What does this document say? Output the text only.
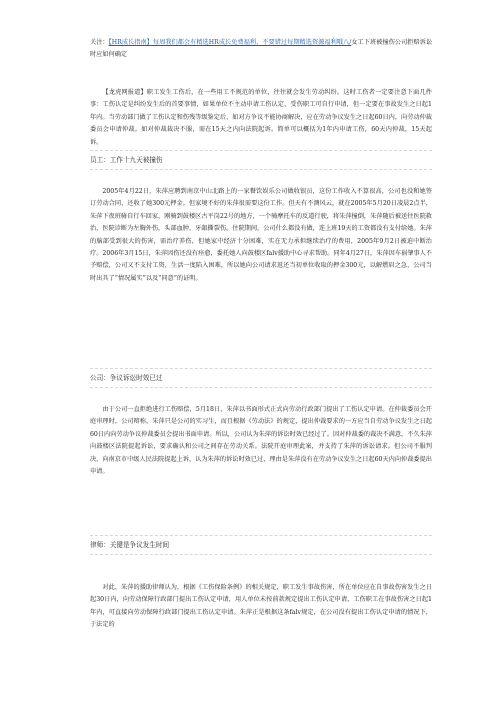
关注：【HR成长指南】每周我们都会有精选HR成长免费福利，不要错过每期精选资源福利哦八/女工下班被撞伤公司拒赔诉讼时应如何确定

【龙虎网报道】职工发生工伤后，在一些用工不规范的单位，往往就会发生劳动纠纷。这时工伤者一定要注意下面几件事：工伤认定是纠纷发生后的首要事情，如果单位不主动申请工伤认定，受伤职工可自行申请，但一定要在事故发生之日起1年内。当劳动部门做了工伤认定和伤残等级鉴定后，如对方争议不能协商解决，应在劳动争议发生之日起60日内，向劳动仲裁委员会申请仲裁。如对仲裁裁决不服，需在15天之内向法院起诉。简单可以概括为1年内申请工伤，60天内仲裁，15天起诉。

员工：工作十九天被撞伤

2005年4月22日，朱萍应聘到南京中山北路上的一家餐饮娱乐公司做收银员，这份工作收入不算很高，公司也没和她签订劳动合同，还收了她300元押金。但家境不好的朱萍很需要这份工作。但天有不测风云，就在2005年5月20日凌晨2点半，朱萍下夜班骑自行车回家，刚骑到鼓楼区古平岗22号的地方，一个骑摩托车的反道行驶，将朱萍撞倒，朱萍随后被送往医院救治，医院诊断为左胸外伤，头部血肿，牙龈撕裂伤。住院期间，公司什么都没有做，连上班19天的工资都没有支付给她。朱萍的脑部受到很大的伤害，需治疗养伤，但她家中经济十分困难，实在无力承担继续治疗的费用，2005年9月2日被迫中断治疗。2006年3月15日，朱萍因伤还没有痊愈，委托她人向鼓楼区falv援助中心寻求帮助。同年4月27日，朱萍因车祸肇事人不予赔偿，公司又不支付工资，生活一度陷入困难，所以她向公司请求返还当初单位收取的押金300元，以解燃眉之急，公司当时出具了“情况属实”以及“同意”的证明。

公司：争议诉讼时效已过

由于公司一直拒绝进行工伤赔偿，5月18日，朱萍以书面形式正式向劳动行政部门提出了工伤认定申请。在仲裁委员会开庭审理时，公司辩称，朱萍只是公司的实习生，而且根据《劳动法》的规定，提出仲裁要求的一方应当自劳动争议发生之日起60日内向劳动争议仲裁委员会提出书面申请。所以，公司认为朱萍的诉讼时效已经过了。因对仲裁委的裁决不满意，不久朱萍向鼓楼区法院提起诉讼，要求确认和公司之间存在劳动关系。法院开庭审理此案，并支持了朱萍的诉讼请求。但公司不服判决，向南京市中级人民法院提起上诉，认为朱萍的诉讼时效已过，理由是朱萍没有在劳动争议发生之日起60天内向仲裁委提出申请。

律师：关键是争议发生时间

对此，朱萍的援助律师认为，根据《工伤保险条例》的相关规定，职工发生事故伤害，所在单位应在自事故伤害发生之日起30日内，向劳动保障行政部门提出工伤认定申请，用人单位未按前款规定提出工伤认定申请，工伤职工在事故伤害之日起1年内，可直接向劳动保障行政部门提出工伤认定申请。朱萍正是根据这条falv规定，在公司没有提出工伤认定申请的情况下，于法定的
